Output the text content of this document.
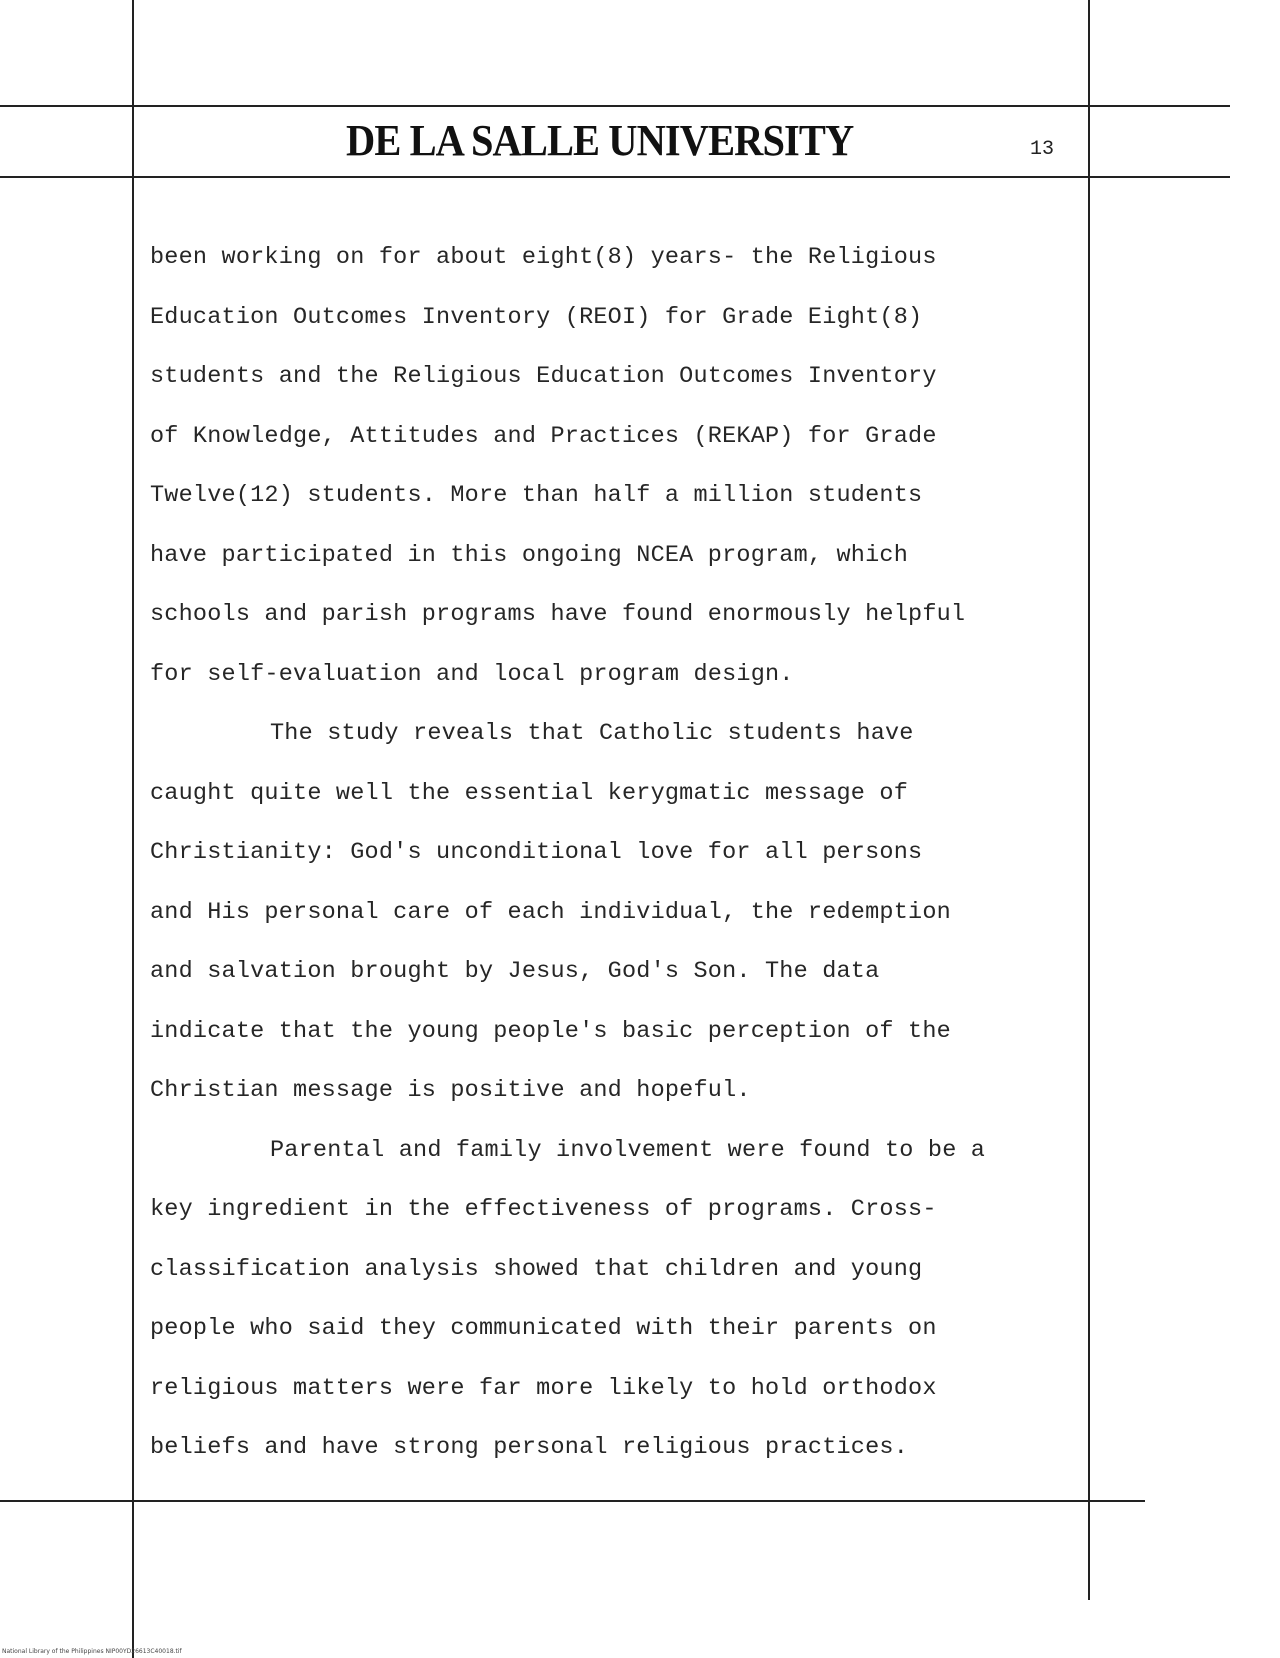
DE LA SALLE UNIVERSITY	13
been working on for about eight(8) years- the Religious
Education Outcomes Inventory (REOI) for Grade Eight(8)
students and the Religious Education Outcomes Inventory
of Knowledge, Attitudes and Practices (REKAP) for Grade
Twelve(12) students. More than half a million students
have participated in this ongoing NCEA program, which
schools and parish programs have found enormously helpful
for self-evaluation and local program design.
The study reveals that Catholic students have
caught quite well the essential kerygmatic message of
Christianity: God's unconditional love for all persons
and His personal care of each individual, the redemption
and salvation brought by Jesus, God's Son. The data
indicate that the young people's basic perception of the
Christian message is positive and hopeful.
Parental and family involvement were found to be a
key ingredient in the effectiveness of programs. Cross-
classification analysis showed that children and young
people who said they communicated with their parents on
religious matters were far more likely to hold orthodox
beliefs and have strong personal religious practices.
National Library of the Philippines NIP00YD26613C40018.tif
